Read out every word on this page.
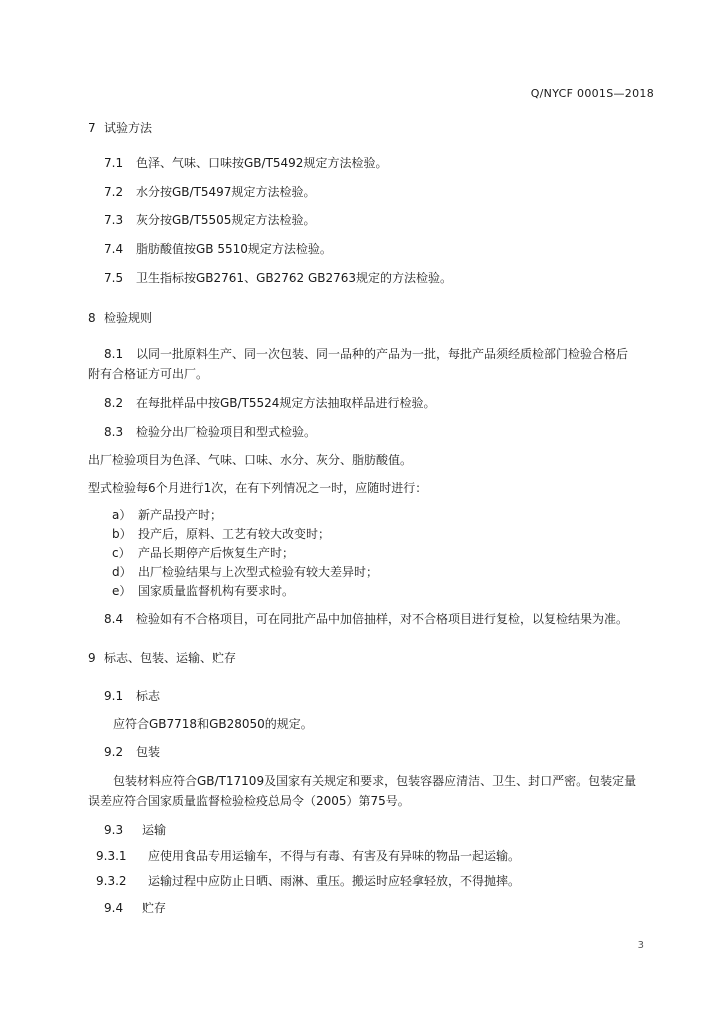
Q/NYCF 0001S—2018
7 试验方法
7.1 色泽、气味、口味按GB/T5492规定方法检验。
7.2 水分按GB/T5497规定方法检验。
7.3 灰分按GB/T5505规定方法检验。
7.4 脂肪酸值按GB 5510规定方法检验。
7.5 卫生指标按GB2761、GB2762 GB2763规定的方法检验。
8 检验规则
8.1 以同一批原料生产、同一次包装、同一品种的产品为一批，每批产品须经质检部门检验合格后
附有合格证方可出厂。
8.2 在每批样品中按GB/T5524规定方法抽取样品进行检验。
8.3 检验分出厂检验项目和型式检验。
出厂检验项目为色泽、气味、口味、水分、灰分、脂肪酸值。
型式检验每6个月进行1次，在有下列情况之一时，应随时进行：
a） 新产品投产时；
b） 投产后，原料、工艺有较大改变时；
c） 产品长期停产后恢复生产时；
d） 出厂检验结果与上次型式检验有较大差异时；
e） 国家质量监督机构有要求时。
8.4 检验如有不合格项目，可在同批产品中加倍抽样，对不合格项目进行复检，以复检结果为准。
9 标志、包装、运输、贮存
9.1 标志
应符合GB7718和GB28050的规定。
9.2 包装
包装材料应符合GB/T17109及国家有关规定和要求，包装容器应清洁、卫生、封口严密。包装定量
误差应符合国家质量监督检验检疫总局令（2005）第75号。
9.3 运输
9.3.1 应使用食品专用运输车，不得与有毒、有害及有异味的物品一起运输。
9.3.2 运输过程中应防止日晒、雨淋、重压。搬运时应轻拿轻放，不得抛摔。
9.4 贮存
3
